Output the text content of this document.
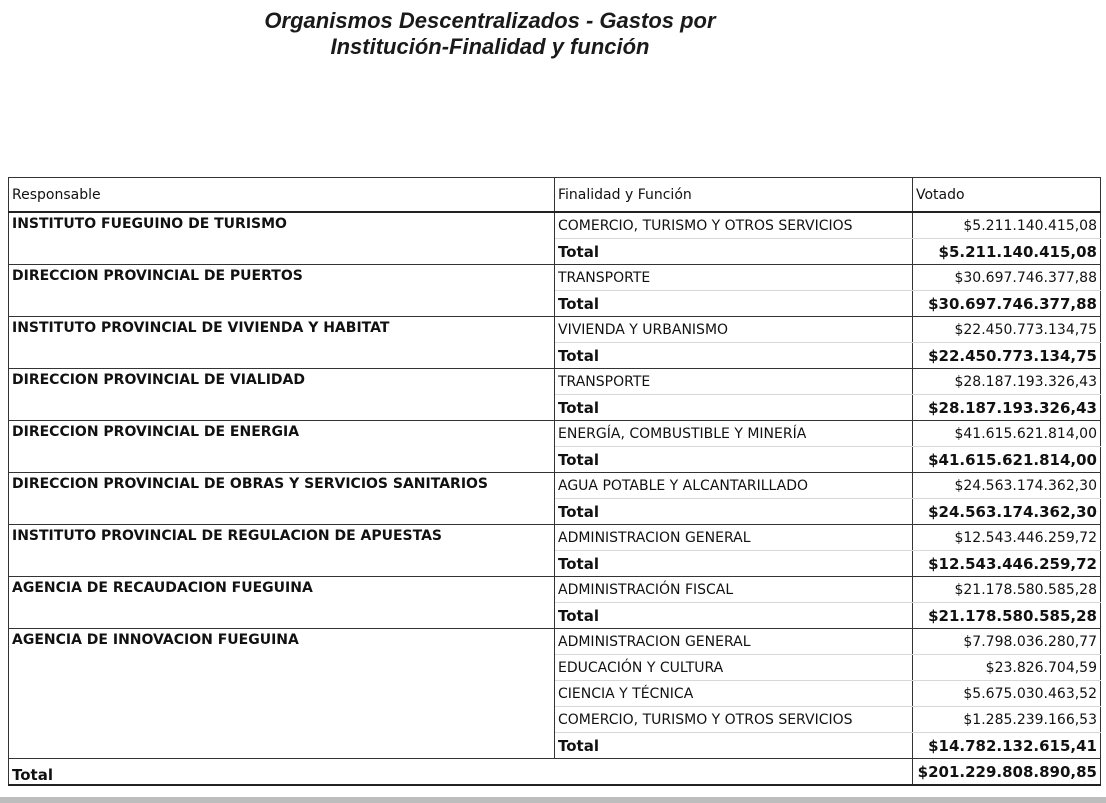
Organismos Descentralizados - Gastos por
Institución-Finalidad y función
Responsable	Finalidad y Función	Votado
INSTITUTO FUEGUINO DE TURISMO	COMERCIO, TURISMO Y OTROS SERVICIOS	$5.211.140.415,08
	Total	$5.211.140.415,08
DIRECCION PROVINCIAL DE PUERTOS	TRANSPORTE	$30.697.746.377,88
	Total	$30.697.746.377,88
INSTITUTO PROVINCIAL DE VIVIENDA Y HABITAT	VIVIENDA Y URBANISMO	$22.450.773.134,75
	Total	$22.450.773.134,75
DIRECCION PROVINCIAL DE VIALIDAD	TRANSPORTE	$28.187.193.326,43
	Total	$28.187.193.326,43
DIRECCION PROVINCIAL DE ENERGIA	ENERGÍA, COMBUSTIBLE Y MINERÍA	$41.615.621.814,00
	Total	$41.615.621.814,00
DIRECCION PROVINCIAL DE OBRAS Y SERVICIOS SANITARIOS	AGUA POTABLE Y ALCANTARILLADO	$24.563.174.362,30
	Total	$24.563.174.362,30
INSTITUTO PROVINCIAL DE REGULACION DE APUESTAS	ADMINISTRACION GENERAL	$12.543.446.259,72
	Total	$12.543.446.259,72
AGENCIA DE RECAUDACION FUEGUINA	ADMINISTRACIÓN FISCAL	$21.178.580.585,28
	Total	$21.178.580.585,28
AGENCIA DE INNOVACION FUEGUINA	ADMINISTRACION GENERAL	$7.798.036.280,77
	EDUCACIÓN Y CULTURA	$23.826.704,59
	CIENCIA Y TÉCNICA	$5.675.030.463,52
	COMERCIO, TURISMO Y OTROS SERVICIOS	$1.285.239.166,53
	Total	$14.782.132.615,41
Total		$201.229.808.890,85
